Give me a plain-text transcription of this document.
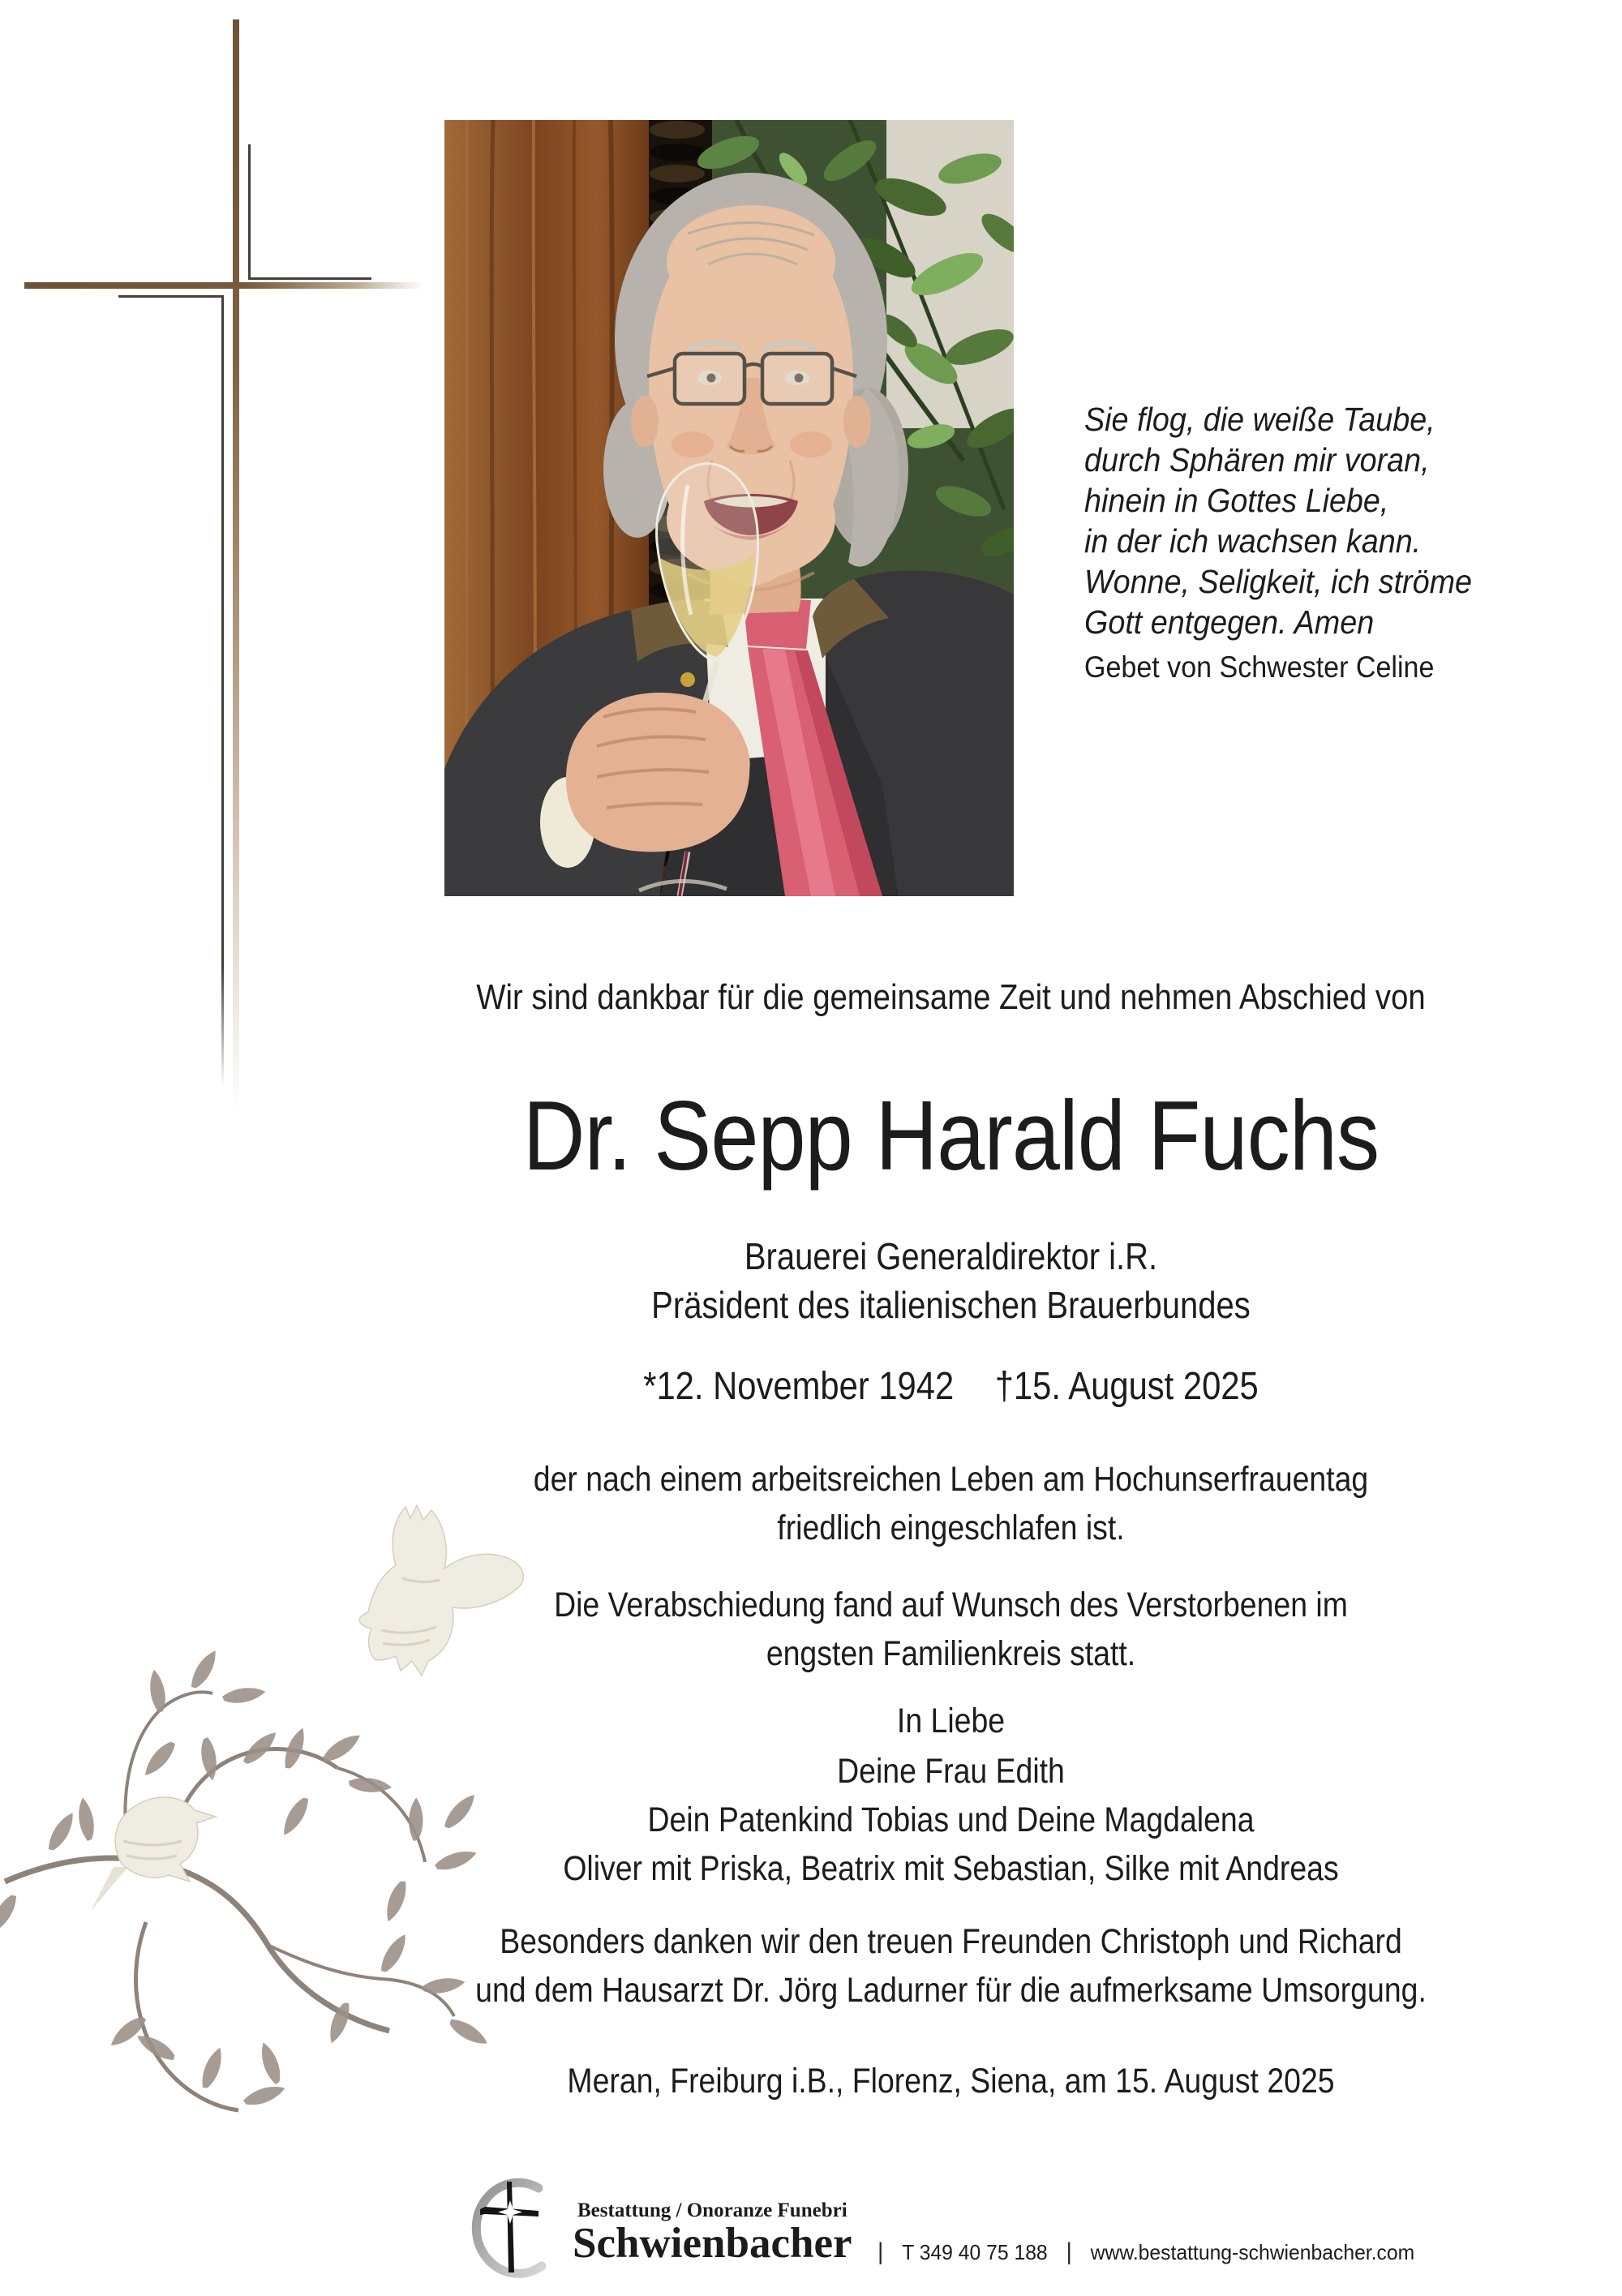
Sie flog, die weiße Taube,
durch Sphären mir voran,
hinein in Gottes Liebe,
in der ich wachsen kann.
Wonne, Seligkeit, ich ströme
Gott entgegen. Amen
Gebet von Schwester Celine
Wir sind dankbar für die gemeinsame Zeit und nehmen Abschied von
Dr. Sepp Harald Fuchs
Brauerei Generaldirektor i.R.
Präsident des italienischen Brauerbundes
*12. November 1942 †15. August 2025
der nach einem arbeitsreichen Leben am Hochunserfrauentag
friedlich eingeschlafen ist.
Die Verabschiedung fand auf Wunsch des Verstorbenen im
engsten Familienkreis statt.
In Liebe
Deine Frau Edith
Dein Patenkind Tobias und Deine Magdalena
Oliver mit Priska, Beatrix mit Sebastian, Silke mit Andreas
Besonders danken wir den treuen Freunden Christoph und Richard
und dem Hausarzt Dr. Jörg Ladurner für die aufmerksame Umsorgung.
Meran, Freiburg i.B., Florenz, Siena, am 15. August 2025
Bestattung / Onoranze Funebri
Schwienbacher | T 349 40 75 188 | www.bestattung-schwienbacher.com
